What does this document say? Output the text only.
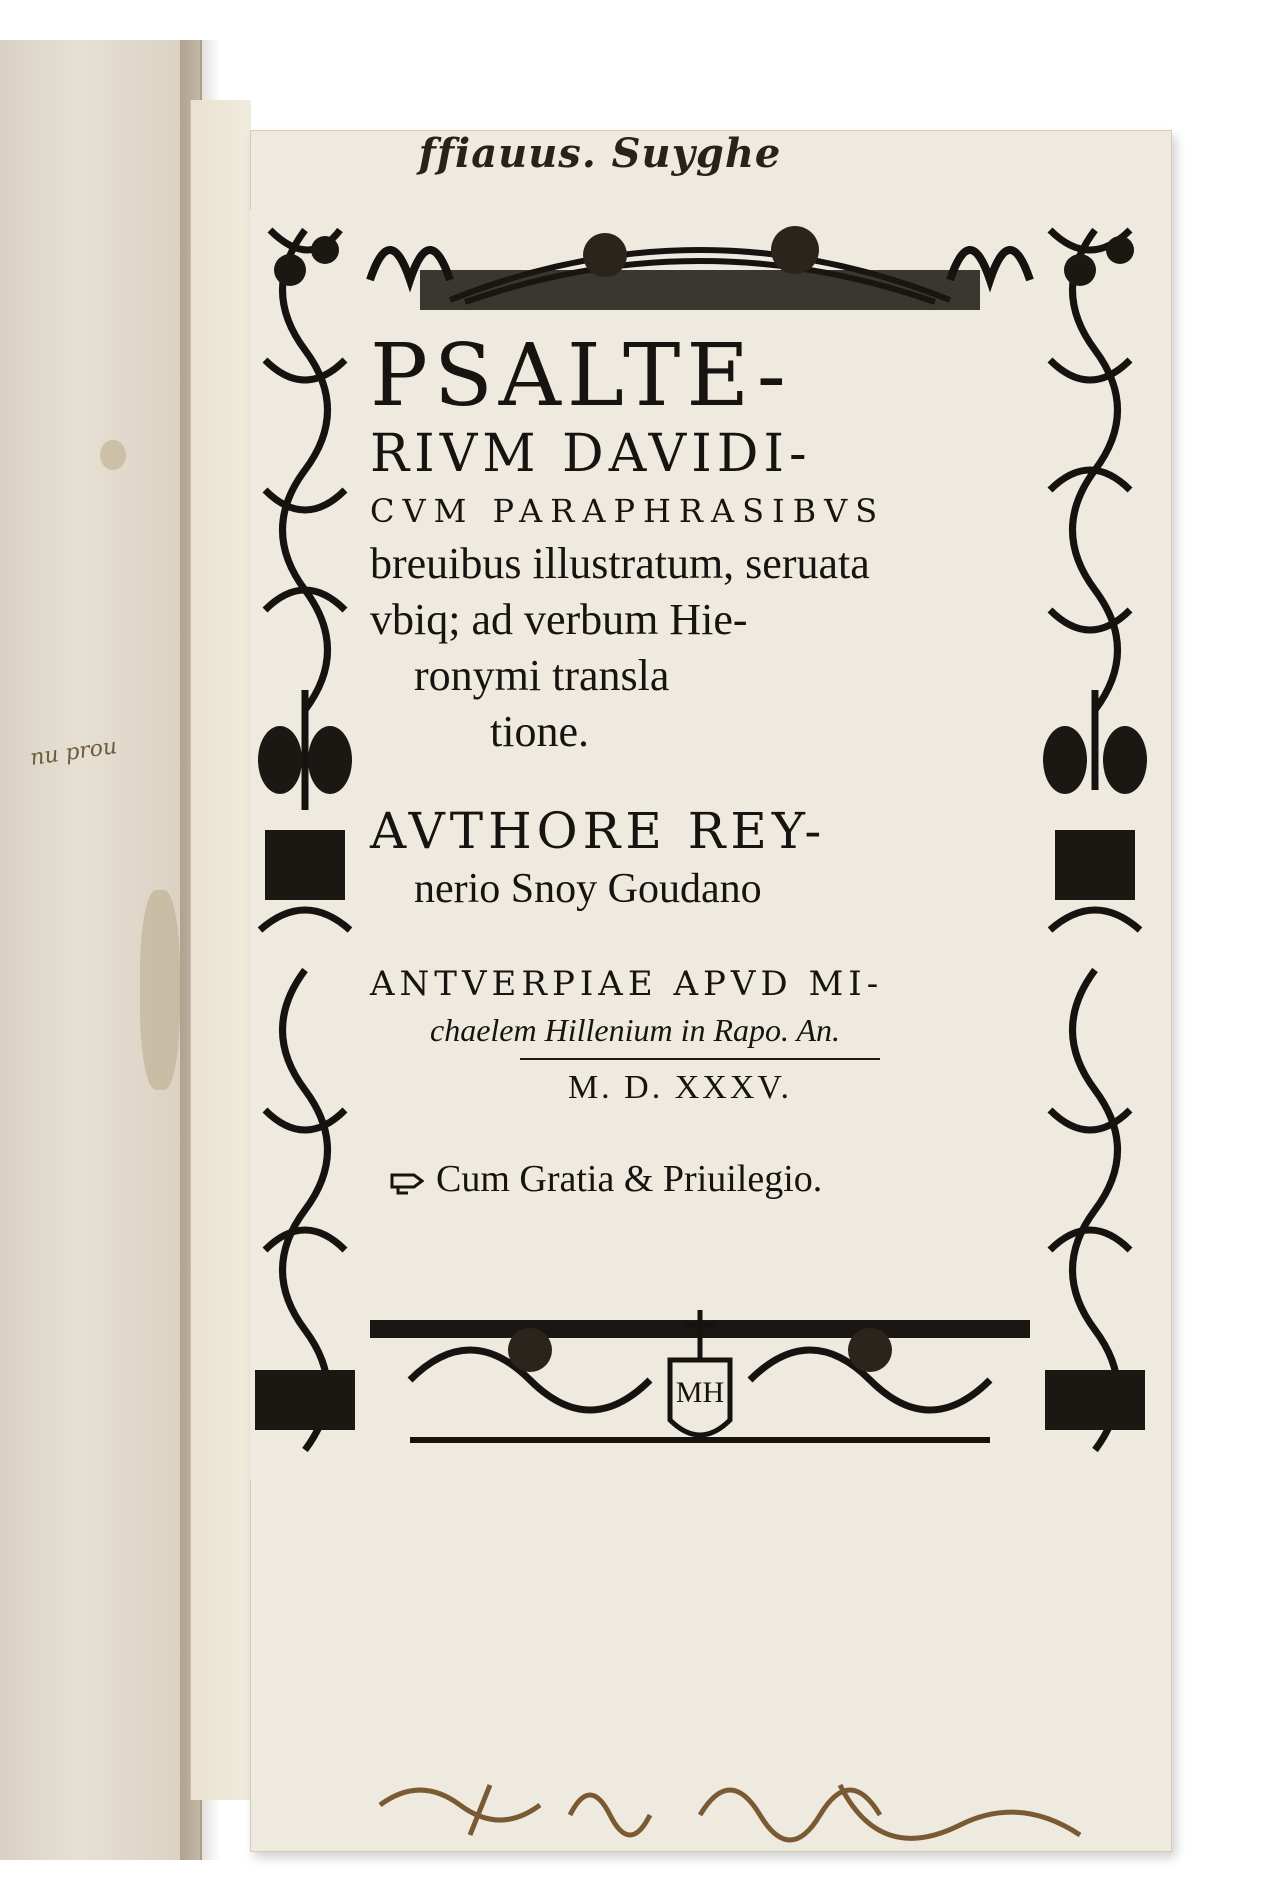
nu prou
ffiauus. Suyghe
MH

PSALTE-

RIVM DAVIDI-

CVM PARAPHRASIBVS

breuibus illustratum, seruata

vbiq; ad verbum Hie-

ronymi transla

tione.

AVTHORE REY-

nerio Snoy Goudano

ANTVERPIAE APVD MI-

chaelem Hillenium in Rapo. An.

M. D. XXXV.

Cum Gratia & Priuilegio.
